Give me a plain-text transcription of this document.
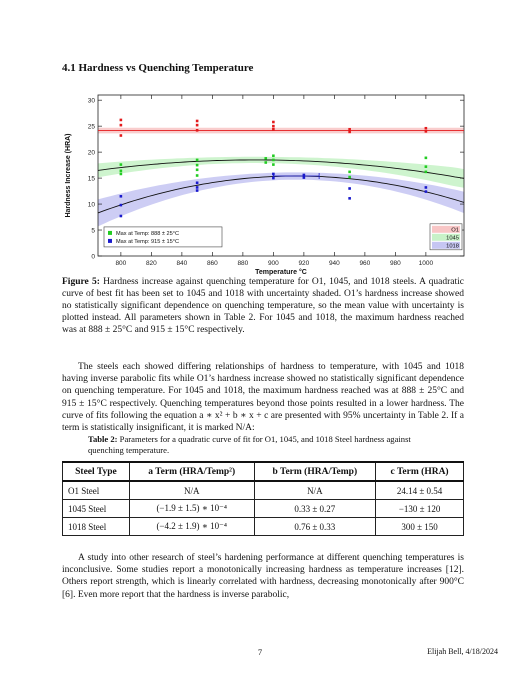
4.1 Hardness vs Quenching Temperature
800	820	840	860	880	900	920	940	960	980	1000
0
5
10
15
20
25
30
Temperature °C
Hardness Increase (HRA)
Max at Temp: 888 ± 25°C
Max at Temp: 915 ± 15°C
O1
1045
1018

Figure 5: Hardness increase against quenching temperature for O1, 1045, and 1018 steels. A quadratic curve of best fit has been set to 1045 and 1018 with uncertainty shaded. O1’s hardness increase showed no statistically significant dependence on quenching temperature, so the mean value with uncertainty is plotted instead. All parameters shown in Table 2. For 1045 and 1018, the maximum hardness reached was at 888 ± 25°C and 915 ± 15°C respectively.

The steels each showed differing relationships of hardness to temperature, with 1045 and 1018 having inverse parabolic fits while O1’s hardness increase showed no statistically significant dependence on quenching temperature. For 1045 and 1018, the maximum hardness reached was at 888 ± 25°C and 915 ± 15°C respectively. Quenching temperatures beyond those points resulted in a lower hardness. The curve of fits following the equation a ∗ x² + b ∗ x + c are presented with 95% uncertainty in Table 2. If a term is statistically insignificant, it is marked N/A:

Table 2: Parameters for a quadratic curve of fit for O1, 1045, and 1018 Steel hardness against quenching temperature.

Steel Type	a Term (HRA/Temp²)	b Term (HRA/Temp)	c Term (HRA)
O1 Steel	N/A	N/A	24.14 ± 0.54
1045 Steel	(−1.9 ± 1.5) ∗ 10⁻⁴	0.33 ± 0.27	−130 ± 120
1018 Steel	(−4.2 ± 1.9) ∗ 10⁻⁴	0.76 ± 0.33	300 ± 150

A study into other research of steel’s hardening performance at different quenching temperatures is inconclusive. Some studies report a monotonically increasing hardness as temperature increases [12]. Others report strength, which is linearly correlated with hardness, decreasing monotonically after 900°C [6]. Even more report that the hardness is inverse parabolic,

7	Elijah Bell, 4/18/2024
